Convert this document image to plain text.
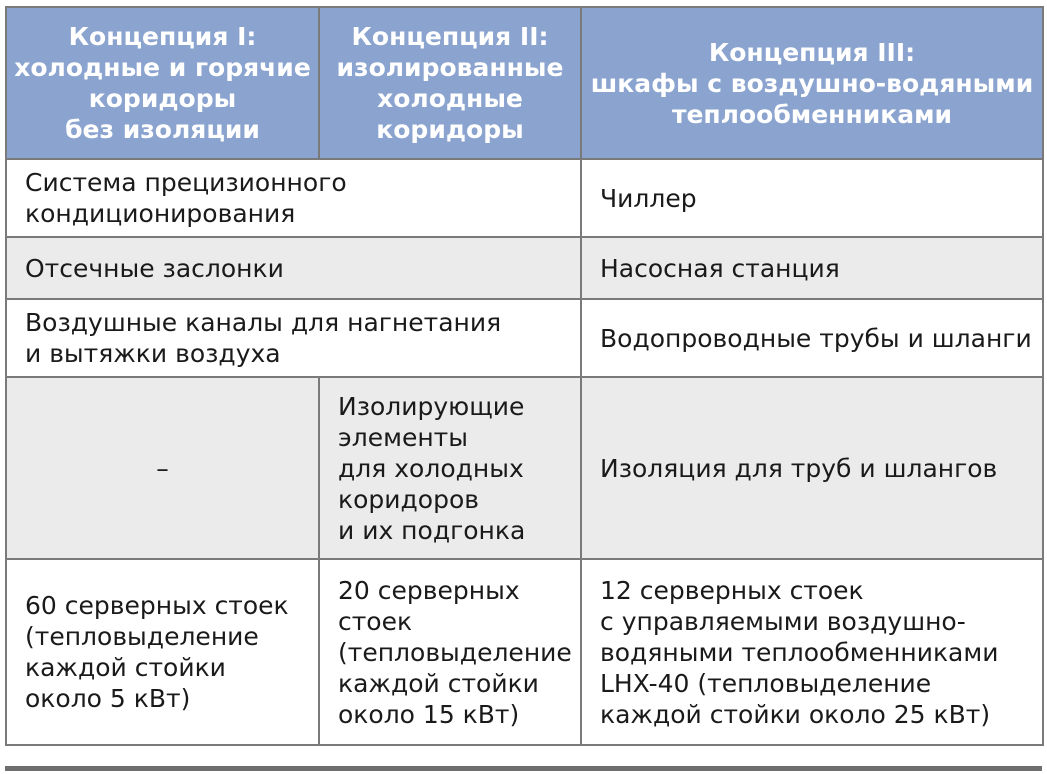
Концепция I:
холодные и горячие
коридоры
без изоляции	Концепция II:
изолированные
холодные
коридоры	Концепция III:
шкафы с воздушно-водяными
теплообменниками

Система прецизионного
кондиционирования		Чиллер

Отсечные заслонки		Насосная станция

Воздушные каналы для нагнетания
и вытяжки воздуха		Водопроводные трубы и шланги

–	Изолирующие
элементы
для холодных
коридоров
и их подгонка	Изоляция для труб и шлангов

60 серверных стоек
(тепловыделение
каждой стойки
около 5 кВт)	20 серверных
стоек
(тепловыделение
каждой стойки
около 15 кВт)	12 серверных стоек
с управляемыми воздушно-
водяными теплообменниками
LHX-40 (тепловыделение
каждой стойки около 25 кВт)
